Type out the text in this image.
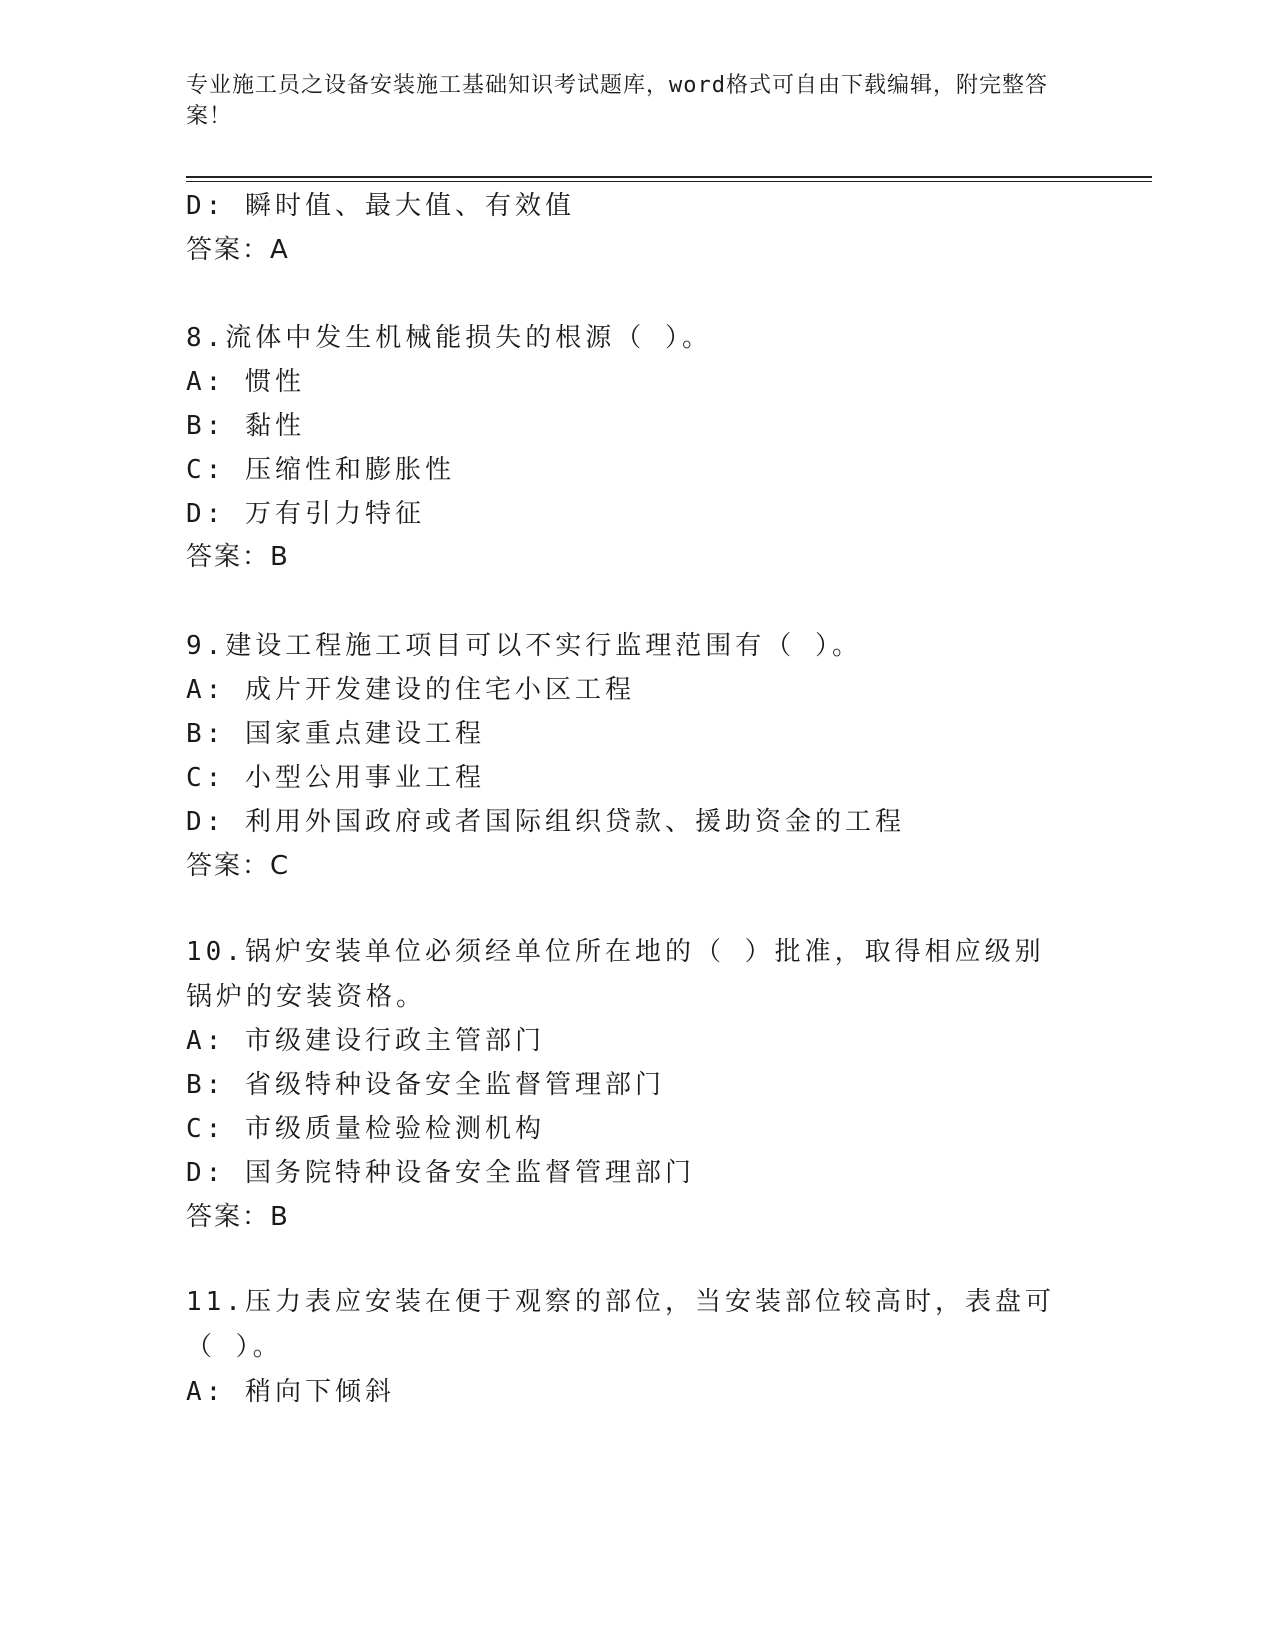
专业施工员之设备安装施工基础知识考试题库，word格式可自由下载编辑，附完整答案！
D: 瞬时值、最大值、有效值
答案：A
8.流体中发生机械能损失的根源（ ）。
A: 惯性
B: 黏性
C: 压缩性和膨胀性
D: 万有引力特征
答案：B
9.建设工程施工项目可以不实行监理范围有（ ）。
A: 成片开发建设的住宅小区工程
B: 国家重点建设工程
C: 小型公用事业工程
D: 利用外国政府或者国际组织贷款、援助资金的工程
答案：C
10.锅炉安装单位必须经单位所在地的（ ）批准，取得相应级别锅炉的安装资格。
A: 市级建设行政主管部门
B: 省级特种设备安全监督管理部门
C: 市级质量检验检测机构
D: 国务院特种设备安全监督管理部门
答案：B
11.压力表应安装在便于观察的部位，当安装部位较高时，表盘可（ ）。
A: 稍向下倾斜
